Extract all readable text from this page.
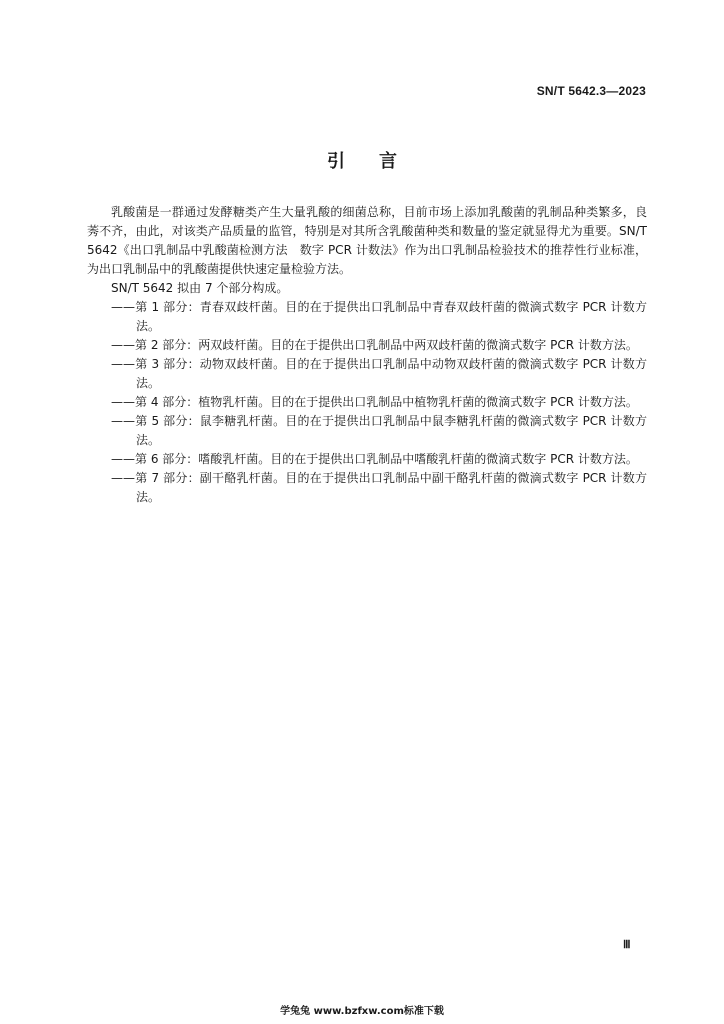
SN/T 5642.3—2023
引言

乳酸菌是一群通过发酵糖类产生大量乳酸的细菌总称，目前市场上添加乳酸菌的乳制品种类繁多，良莠不齐，由此，对该类产品质量的监管，特别是对其所含乳酸菌种类和数量的鉴定就显得尤为重要。SN/T 5642《出口乳制品中乳酸菌检测方法　数字 PCR 计数法》作为出口乳制品检验技术的推荐性行业标准，为出口乳制品中的乳酸菌提供快速定量检验方法。

SN/T 5642 拟由 7 个部分构成。

——第 1 部分：青春双歧杆菌。目的在于提供出口乳制品中青春双歧杆菌的微滴式数字 PCR 计数方法。

——第 2 部分：两双歧杆菌。目的在于提供出口乳制品中两双歧杆菌的微滴式数字 PCR 计数方法。

——第 3 部分：动物双歧杆菌。目的在于提供出口乳制品中动物双歧杆菌的微滴式数字 PCR 计数方法。

——第 4 部分：植物乳杆菌。目的在于提供出口乳制品中植物乳杆菌的微滴式数字 PCR 计数方法。

——第 5 部分：鼠李糖乳杆菌。目的在于提供出口乳制品中鼠李糖乳杆菌的微滴式数字 PCR 计数方法。

——第 6 部分：嗜酸乳杆菌。目的在于提供出口乳制品中嗜酸乳杆菌的微滴式数字 PCR 计数方法。

——第 7 部分：副干酪乳杆菌。目的在于提供出口乳制品中副干酪乳杆菌的微滴式数字 PCR 计数方法。

Ⅲ
学兔兔 www.bzfxw.com标准下载
